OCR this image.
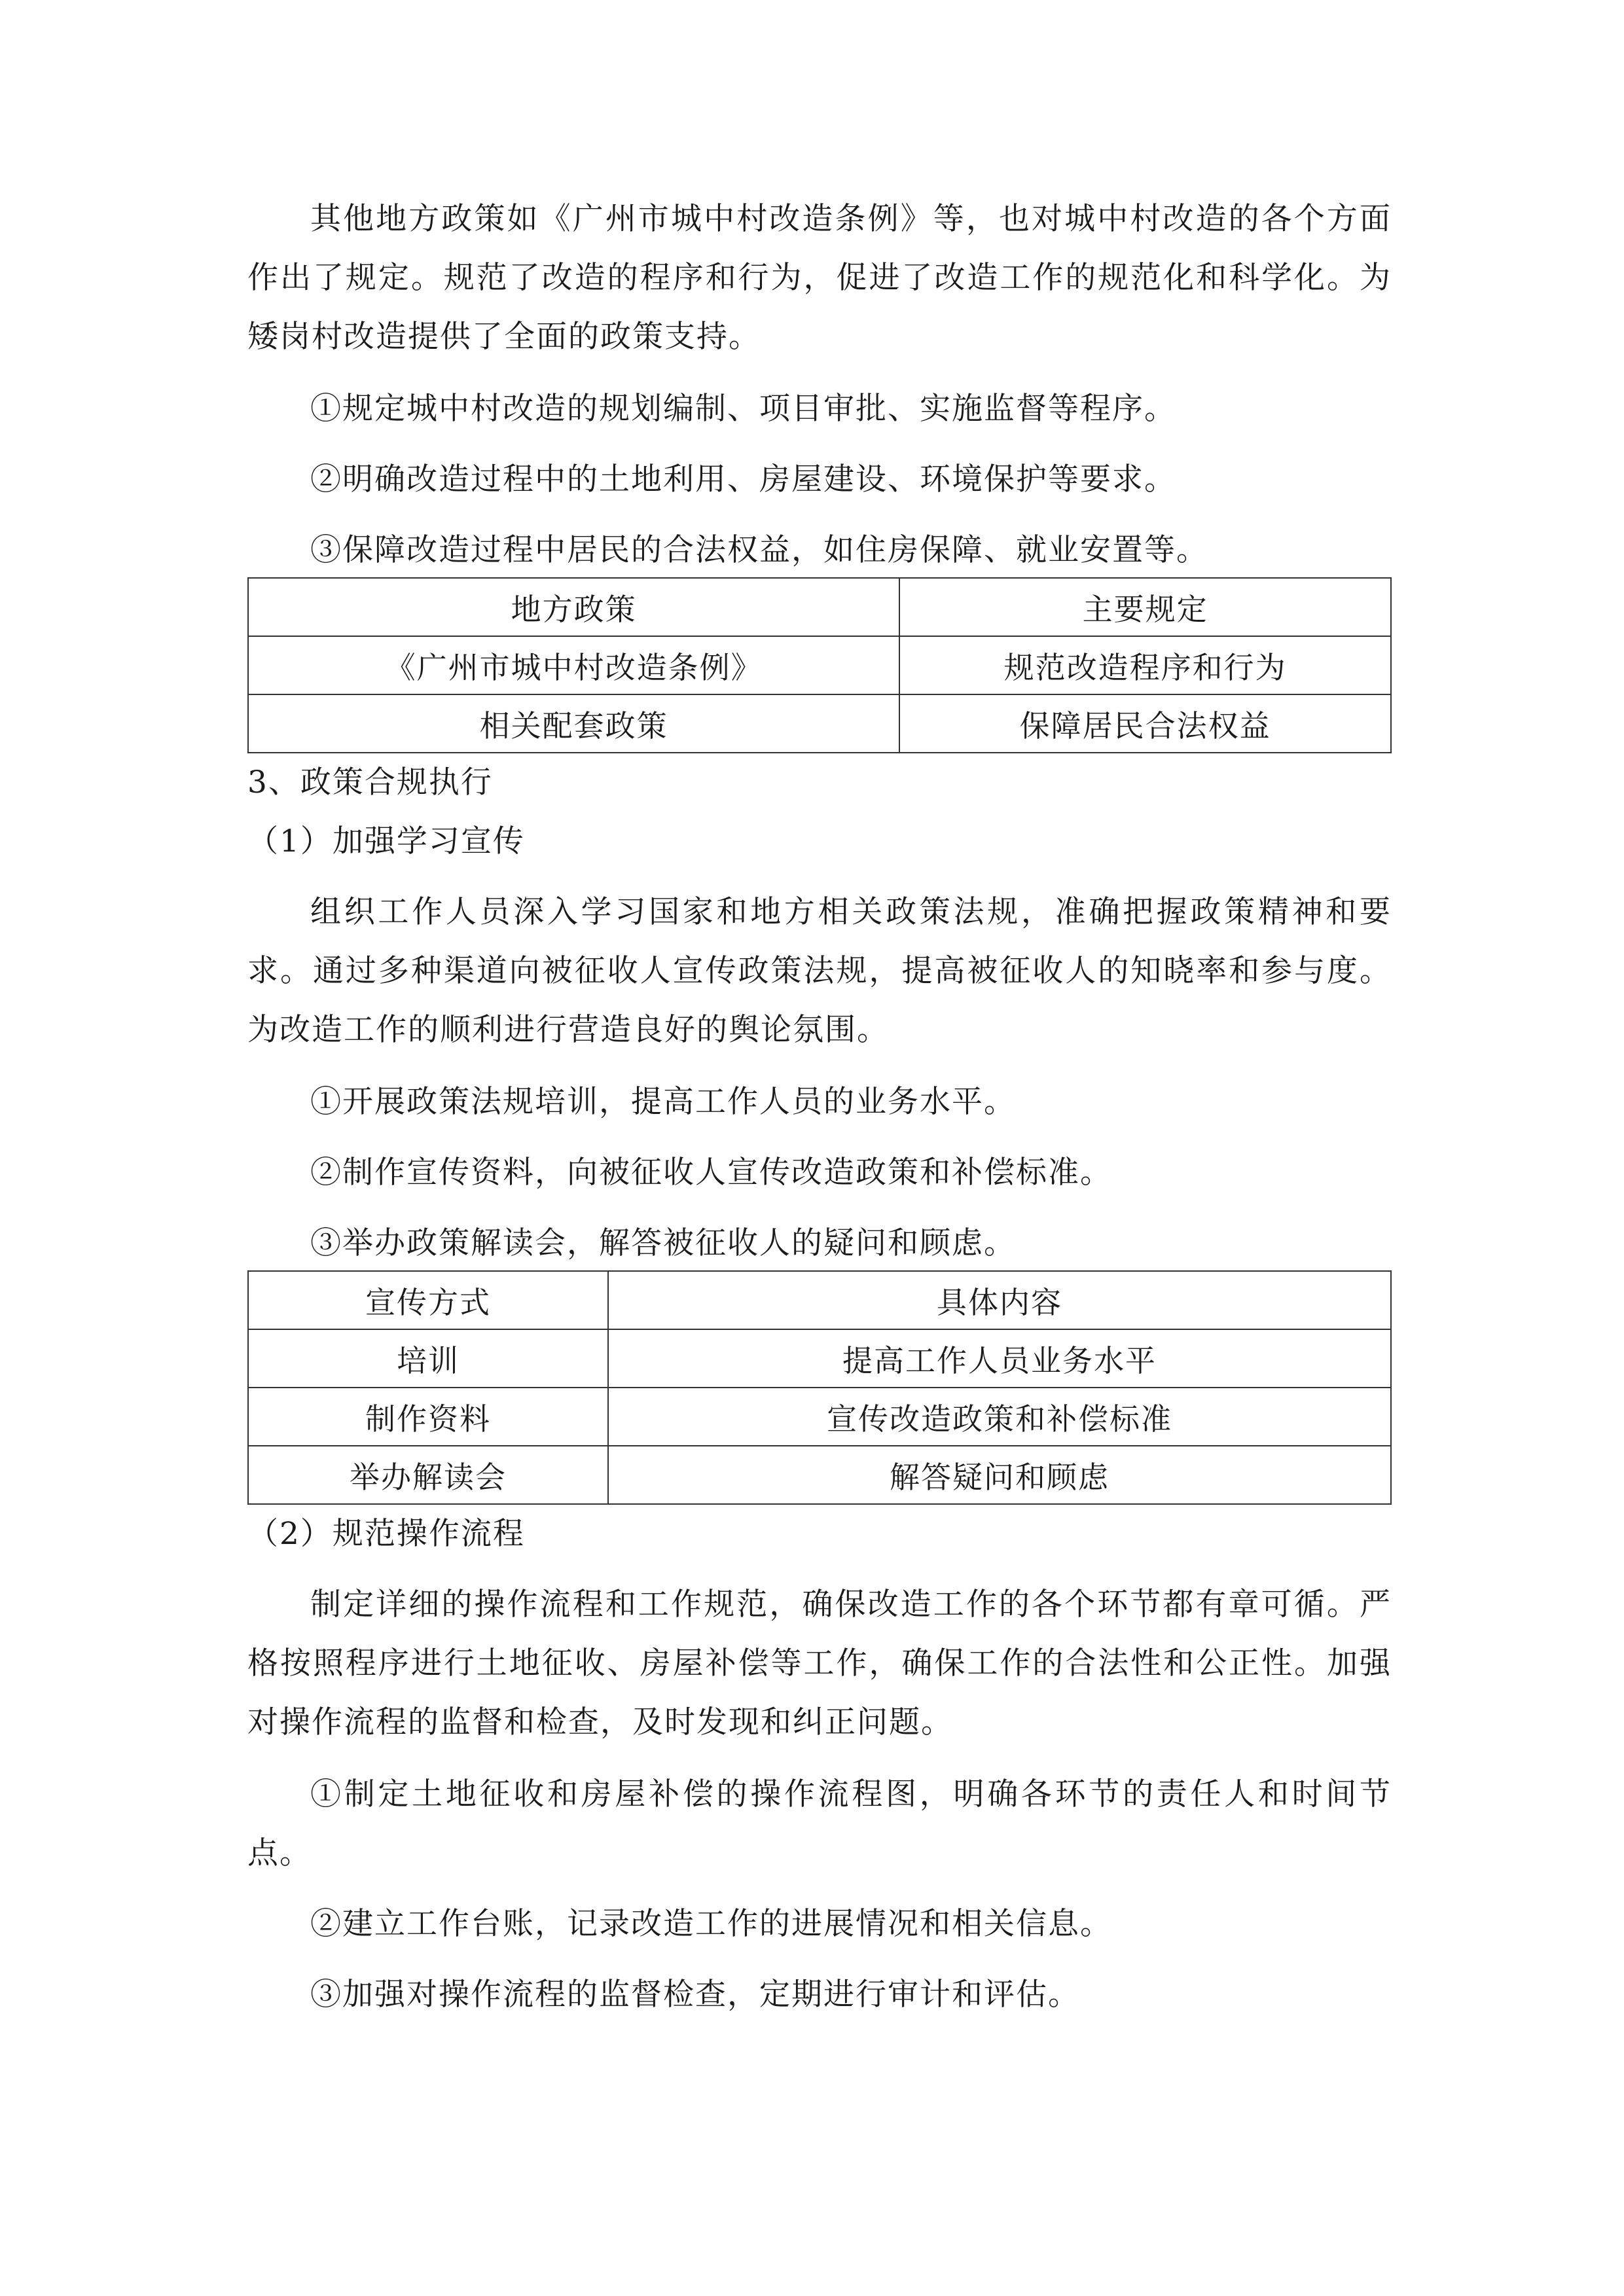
其他地方政策如《广州市城中村改造条例》等，也对城中村改造的各个方面作出了规定。规范了改造的程序和行为，促进了改造工作的规范化和科学化。为矮岗村改造提供了全面的政策支持。

①规定城中村改造的规划编制、项目审批、实施监督等程序。

②明确改造过程中的土地利用、房屋建设、环境保护等要求。

③保障改造过程中居民的合法权益，如住房保障、就业安置等。

地方政策	主要规定
《广州市城中村改造条例》	规范改造程序和行为
相关配套政策	保障居民合法权益

3、政策合规执行

（1）加强学习宣传

组织工作人员深入学习国家和地方相关政策法规，准确把握政策精神和要求。通过多种渠道向被征收人宣传政策法规，提高被征收人的知晓率和参与度。为改造工作的顺利进行营造良好的舆论氛围。

①开展政策法规培训，提高工作人员的业务水平。

②制作宣传资料，向被征收人宣传改造政策和补偿标准。

③举办政策解读会，解答被征收人的疑问和顾虑。

宣传方式	具体内容
培训	提高工作人员业务水平
制作资料	宣传改造政策和补偿标准
举办解读会	解答疑问和顾虑

（2）规范操作流程

制定详细的操作流程和工作规范，确保改造工作的各个环节都有章可循。严格按照程序进行土地征收、房屋补偿等工作，确保工作的合法性和公正性。加强对操作流程的监督和检查，及时发现和纠正问题。

①制定土地征收和房屋补偿的操作流程图，明确各环节的责任人和时间节点。

②建立工作台账，记录改造工作的进展情况和相关信息。

③加强对操作流程的监督检查，定期进行审计和评估。
